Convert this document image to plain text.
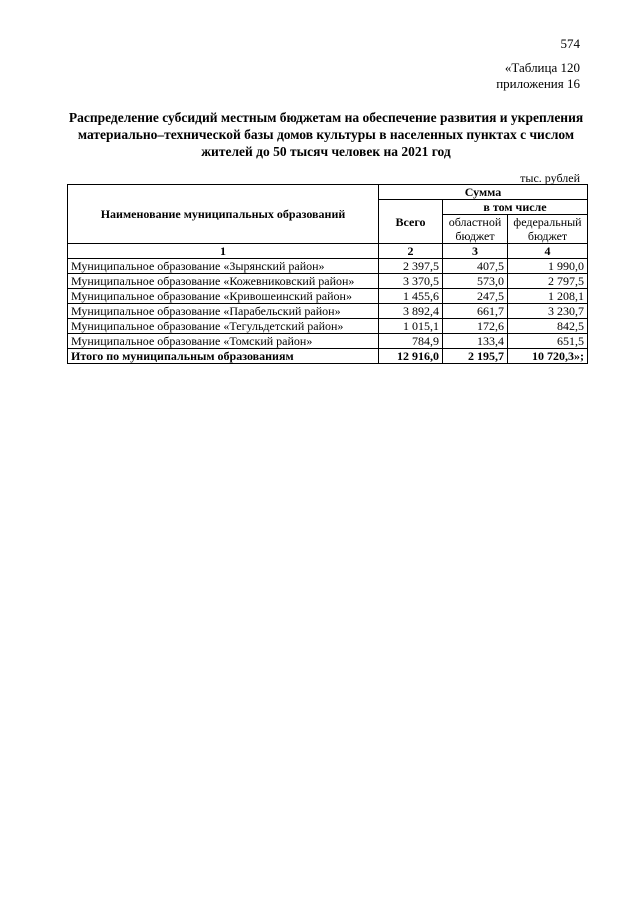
574
«Таблица 120
приложения 16
Распределение субсидий местным бюджетам на обеспечение развития и укрепления материально–технической базы домов культуры в населенных пунктах с числом жителей до 50 тысяч человек на 2021 год
тыс. рублей
Наименование муниципальных образований	Сумма		
	Всего	в том числе	
		областной бюджет	федеральный бюджет
1	2	3	4
Муниципальное образование «Зырянский район»	2 397,5	407,5	1 990,0
Муниципальное образование «Кожевниковский район»	3 370,5	573,0	2 797,5
Муниципальное образование «Кривошеинский район»	1 455,6	247,5	1 208,1
Муниципальное образование «Парабельский район»	3 892,4	661,7	3 230,7
Муниципальное образование «Тегульдетский район»	1 015,1	172,6	842,5
Муниципальное образование «Томский район»	784,9	133,4	651,5
Итого по муниципальным образованиям	12 916,0	2 195,7	10 720,3»;
